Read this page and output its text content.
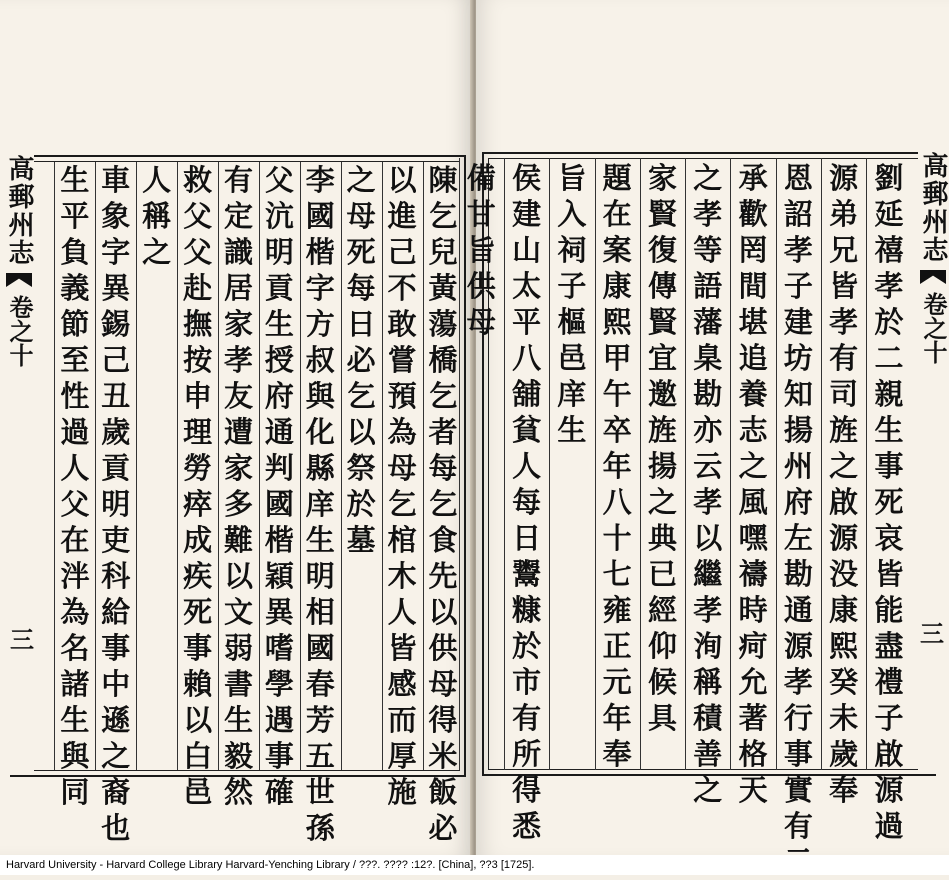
高郵州志
卷之十
三
高郵州志
卷之十
三
劉
延
禧
孝
於
二
親
生
事
死
哀
皆
能
盡
禮
子
啟
源
過
源
弟
兄
皆
孝
有
司
旌
之
啟
源
没
康
熙
癸
未
歲
奉
恩
詔
孝
子
建
坊
知
揚
州
府
左
勘
通
源
孝
行
事
實
有
承
歡
罔
間
堪
追
養
志
之
風
嘿
禱
時
疴
允
著
格
天
之
孝
等
語
藩
臬
勘
亦
云
孝
以
繼
孝
洵
稱
積
善
之
家
賢
復
傳
賢
宜
邀
旌
揚
之
典
已
經
仰
候
具
題
在
案
康
熙
甲
午
卒
年
八
十
七
雍
正
元
年
奉
旨
入
祠
子
樞
邑
庠
生
侯
建
山
太
平
八
舖
貧
人
每
日
鬻
糠
於
市
有
所
得
悉
備
甘
旨
供
母
陳
乞
兒
黃
蕩
橋
乞
者
每
乞
食
先
以
供
母
得
米
飯
必
以
進
己
不
敢
嘗
預
為
母
乞
棺
木
人
皆
感
而
厚
施
之
母
死
每
日
必
乞
以
祭
於
墓
李
國
楷
字
方
叔
與
化
縣
庠
生
明
相
國
春
芳
五
世
孫
父
沆
明
貢
生
授
府
通
判
國
楷
穎
異
嗜
學
遇
事
確
有
定
識
居
家
孝
友
遭
家
多
難
以
文
弱
書
生
毅
然
救
父
父
赴
撫
按
申
理
勞
瘁
成
疾
死
事
賴
以
白
邑
人
稱
之
車
象
字
異
錫
己
丑
歲
貢
明
吏
科
給
事
中
遜
之
裔
也
生
平
負
義
節
至
性
過
人
父
在
泮
為
名
諸
生
與
同
Harvard University - Harvard College Library Harvard-Yenching Library / ???. ???? :12?. [China], ??3 [1725].
